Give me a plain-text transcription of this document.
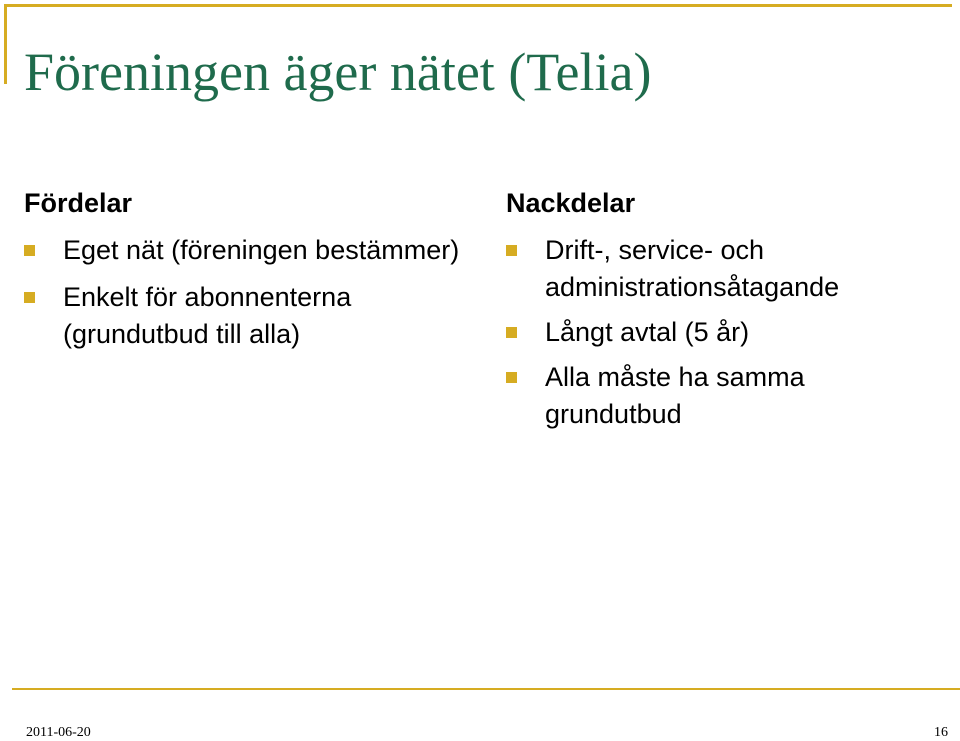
Föreningen äger nätet (Telia)
Fördelar
Eget nät (föreningen bestämmer)
Enkelt för abonnenterna (grundutbud till alla)
Nackdelar
Drift-, service- och administrationsåtagande
Långt avtal (5 år)
Alla måste ha samma grundutbud
2011-06-20	16
